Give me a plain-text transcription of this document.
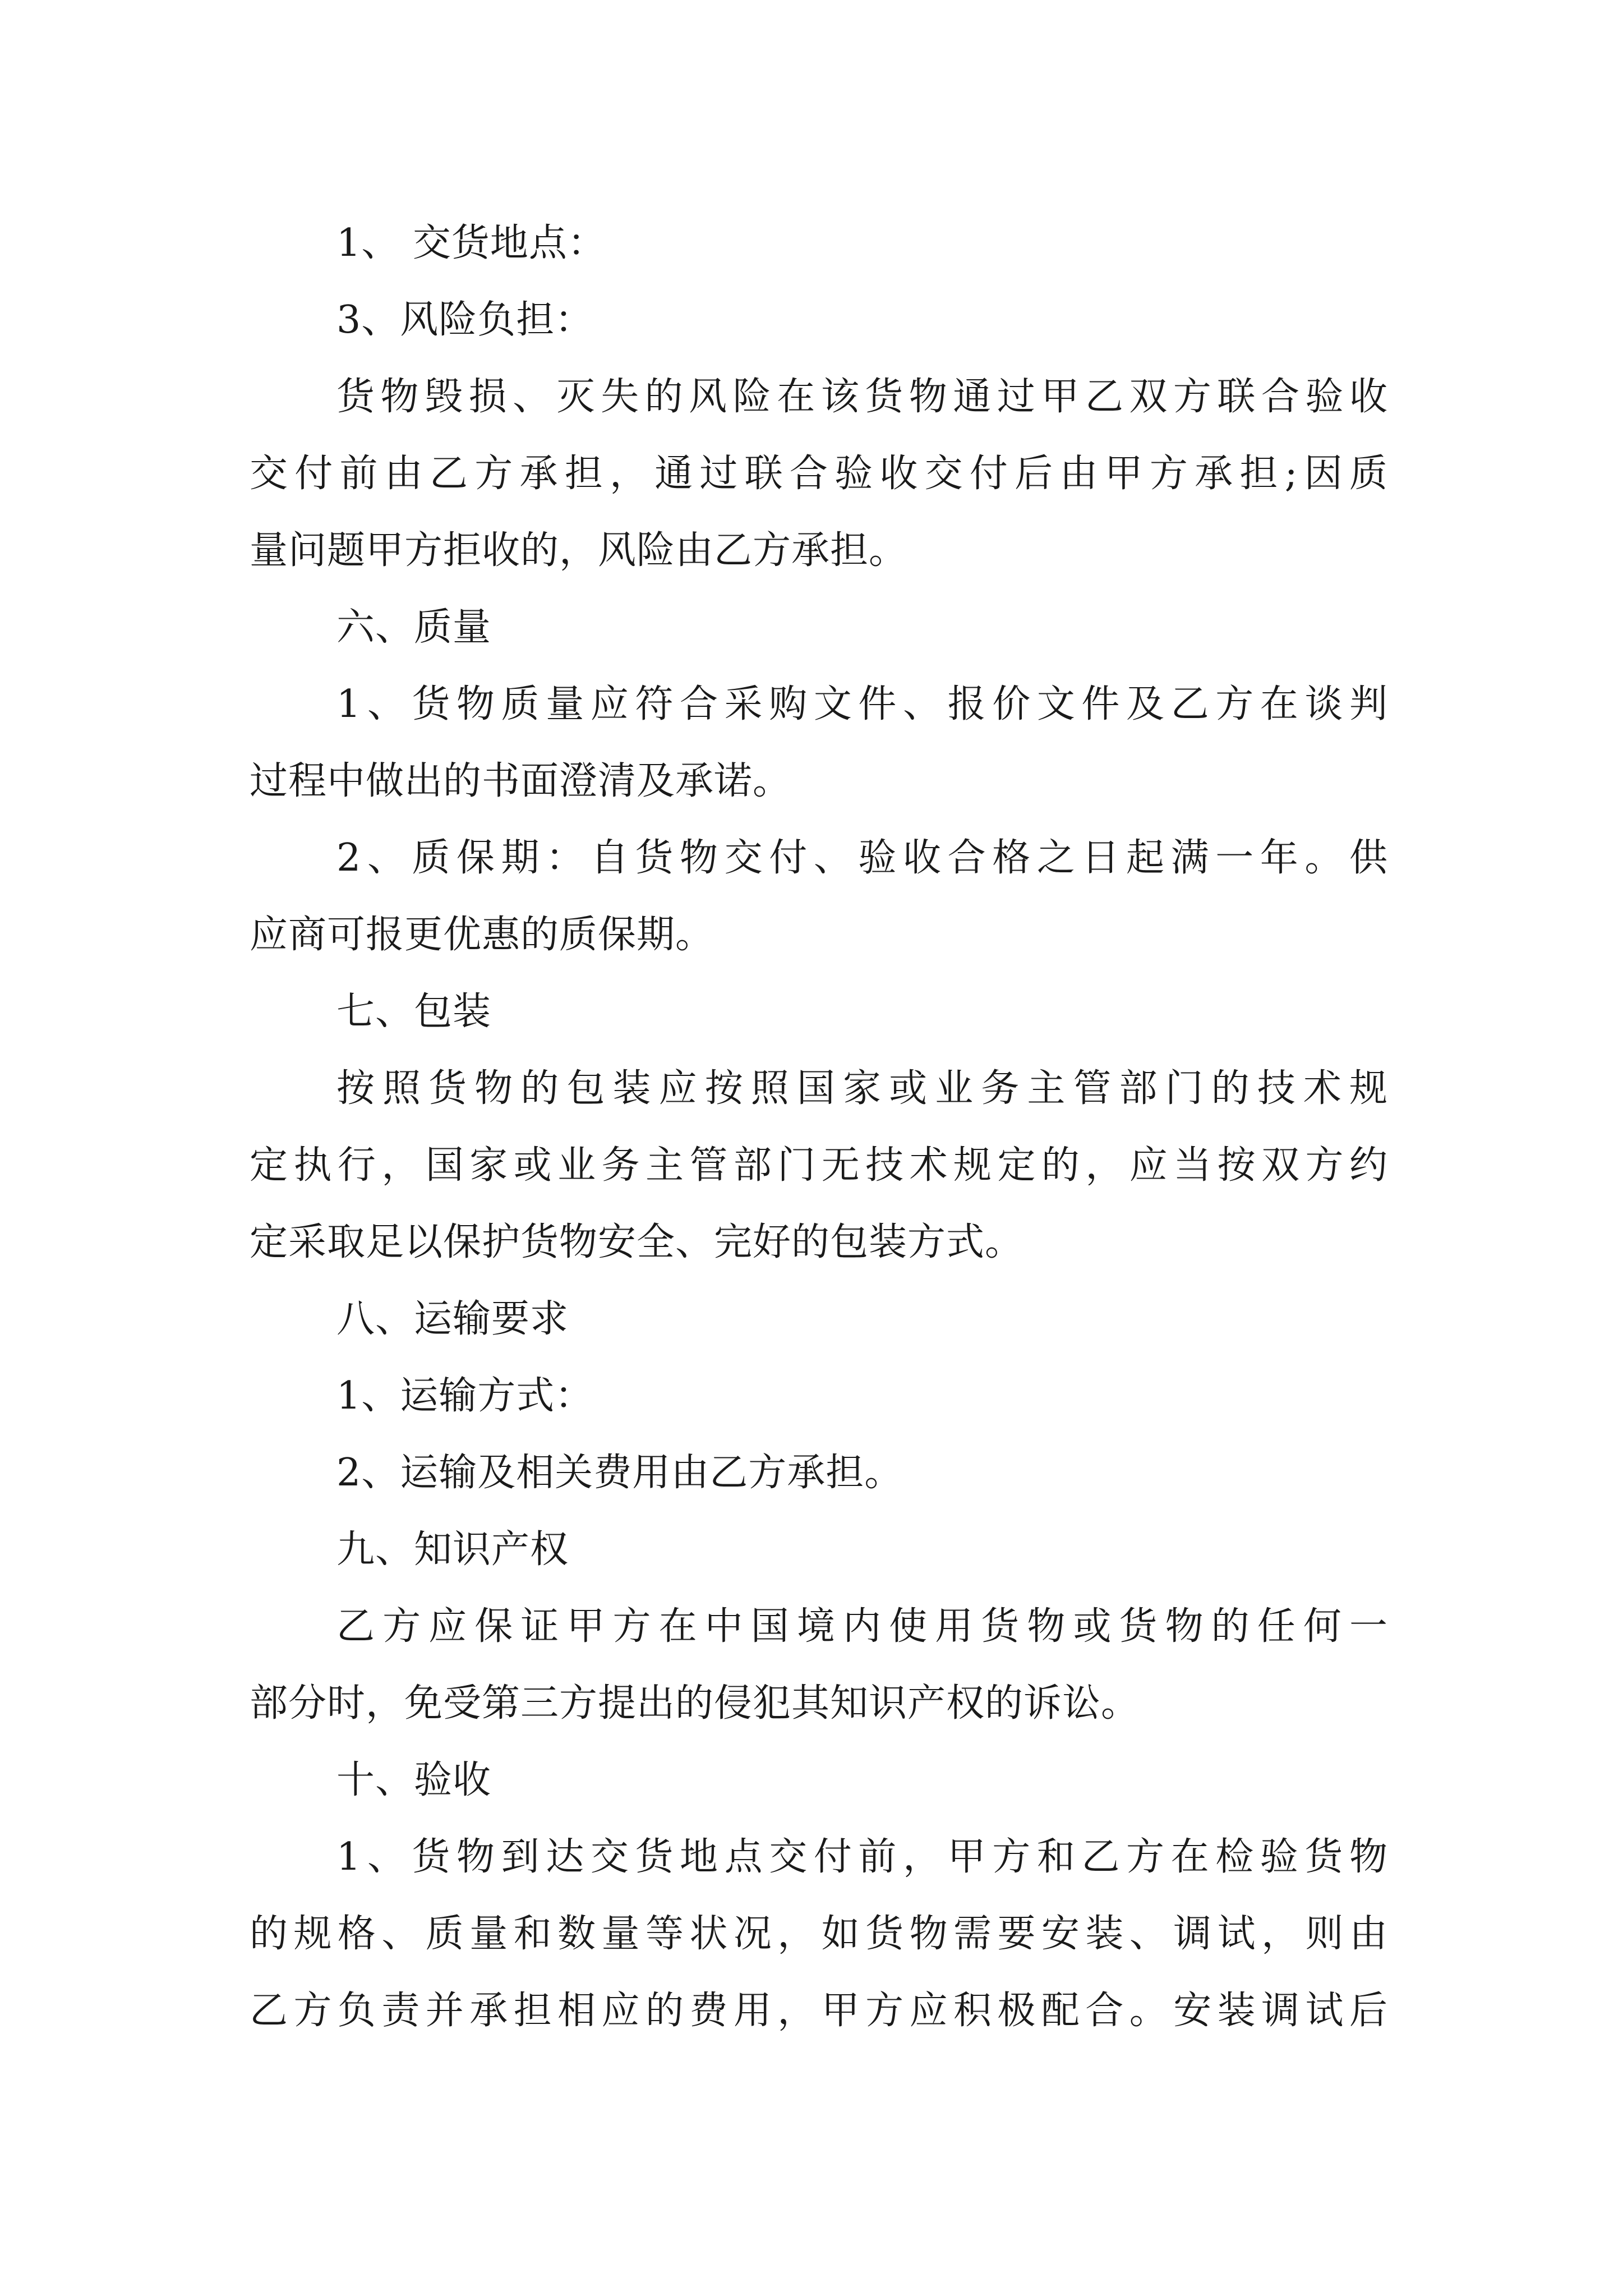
1、 交货地点：
3、风险负担：
货物毁损、灭失的风险在该货物通过甲乙双方联合验收
交付前由乙方承担，通过联合验收交付后由甲方承担;因质
量问题甲方拒收的，风险由乙方承担。
六、质量
1、货物质量应符合采购文件、报价文件及乙方在谈判
过程中做出的书面澄清及承诺。
2、质保期：自货物交付、验收合格之日起满一年。供
应商可报更优惠的质保期。
七、包装
按照货物的包装应按照国家或业务主管部门的技术规
定执行，国家或业务主管部门无技术规定的，应当按双方约
定采取足以保护货物安全、完好的包装方式。
八、运输要求
1、运输方式：
2、运输及相关费用由乙方承担。
九、知识产权
乙方应保证甲方在中国境内使用货物或货物的任何一
部分时，免受第三方提出的侵犯其知识产权的诉讼。
十、验收
1、货物到达交货地点交付前，甲方和乙方在检验货物
的规格、质量和数量等状况，如货物需要安装、调试，则由
乙方负责并承担相应的费用，甲方应积极配合。安装调试后
